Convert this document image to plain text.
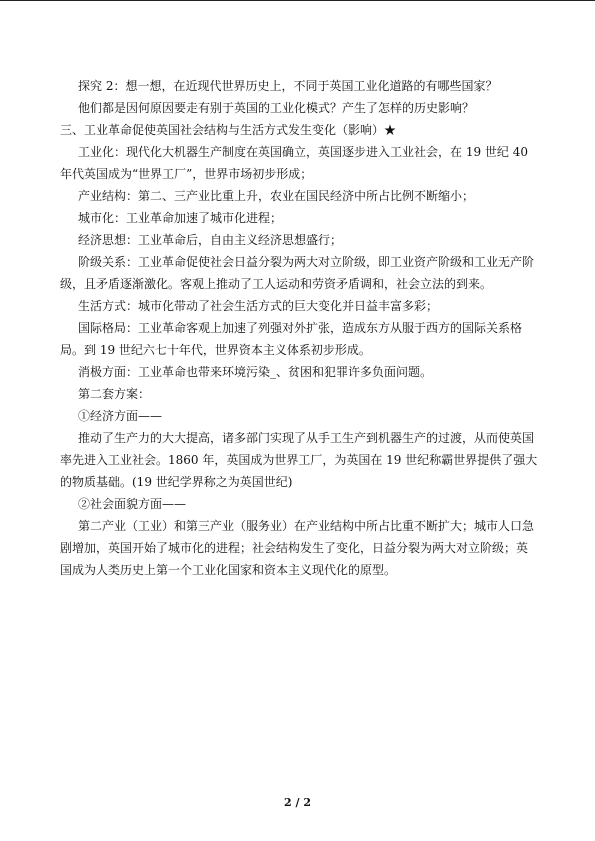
探究 2：想一想，在近现代世界历史上，不同于英国工业化道路的有哪些国家？

他们都是因何原因要走有别于英国的工业化模式？产生了怎样的历史影响？

三、工业革命促使英国社会结构与生活方式发生变化（影响）★

工业化：现代化大机器生产制度在英国确立，英国逐步进入工业社会，在 19 世纪 40 年代英国成为“世界工厂”，世界市场初步形成；

产业结构：第二、三产业比重上升，农业在国民经济中所占比例不断缩小；

城市化：工业革命加速了城市化进程；

经济思想：工业革命后，自由主义经济思想盛行；

阶级关系：工业革命促使社会日益分裂为两大对立阶级，即工业资产阶级和工业无产阶级，且矛盾逐渐激化。客观上推动了工人运动和劳资矛盾调和，社会立法的到来。

生活方式：城市化带动了社会生活方式的巨大变化并日益丰富多彩；

国际格局：工业革命客观上加速了列强对外扩张，造成东方从服于西方的国际关系格局。到 19 世纪六七十年代，世界资本主义体系初步形成。

消极方面：工业革命也带来环境污染_、贫困和犯罪许多负面问题。

第二套方案：

①经济方面——

推动了生产力的大大提高，诸多部门实现了从手工生产到机器生产的过渡，从而使英国率先进入工业社会。1860 年，英国成为世界工厂，为英国在 19 世纪称霸世界提供了强大的物质基础。(19 世纪学界称之为英国世纪)

②社会面貌方面——

第二产业（工业）和第三产业（服务业）在产业结构中所占比重不断扩大；城市人口急剧增加，英国开始了城市化的进程；社会结构发生了变化，日益分裂为两大对立阶级；英国成为人类历史上第一个工业化国家和资本主义现代化的原型。

2 / 2
